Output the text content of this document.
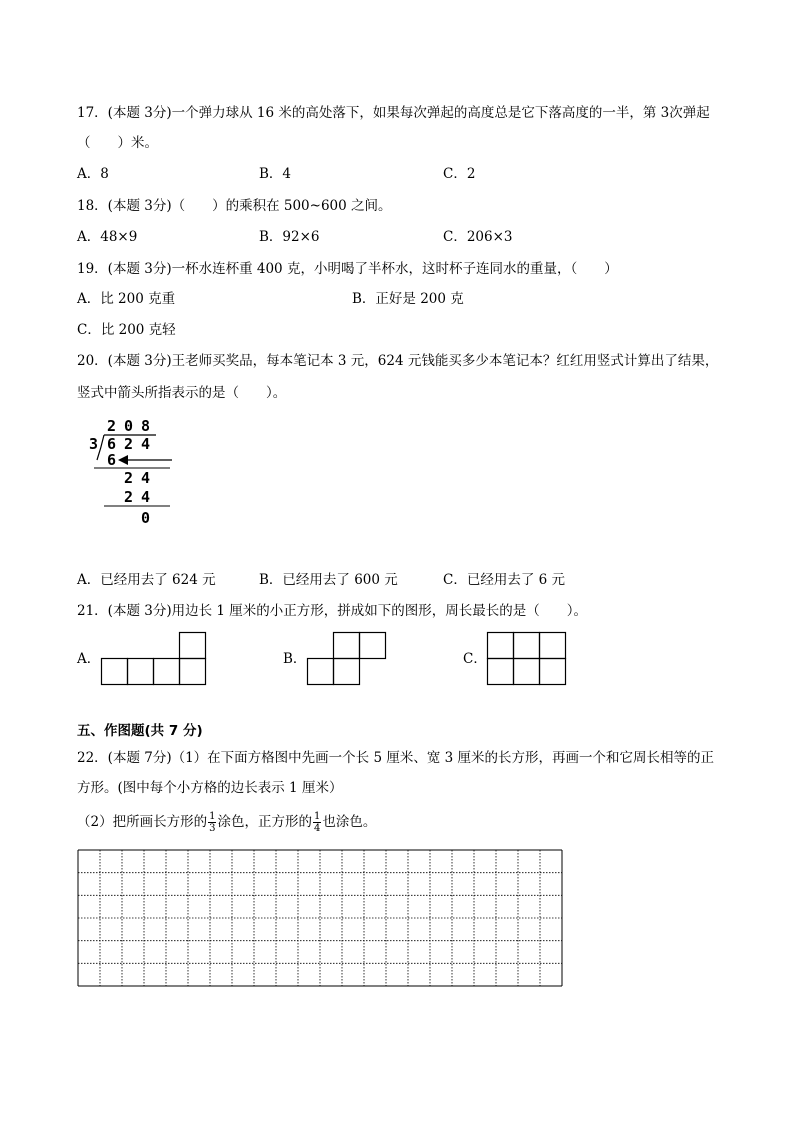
17．(本题 3分)一个弹力球从 16 米的高处落下，如果每次弹起的高度总是它下落高度的一半，第 3次弹起
（　　）米。
A．8	B．4	C．2
18．(本题 3分)（　　）的乘积在 500~600 之间。
A．48×9	B．92×6	C．206×3
19．(本题 3分)一杯水连杯重 400 克，小明喝了半杯水，这时杯子连同水的重量，（　　）
A．比 200 克重	B．正好是 200 克
C．比 200 克轻
20．(本题 3分)王老师买奖品，每本笔记本 3 元，624 元钱能买多少本笔记本？红红用竖式计算出了结果，
竖式中箭头所指表示的是（　　）。
2 0 8
3 6 2 4
6
2 4
2 4
0
A．已经用去了 624 元	B．已经用去了 600 元	C．已经用去了 6 元
21．(本题 3分)用边长 1 厘米的小正方形，拼成如下的图形，周长最长的是（　　）。
A．	B．	C．
五、作图题(共 7 分)
22．(本题 7分)（1）在下面方格图中先画一个长 5 厘米、宽 3 厘米的长方形，再画一个和它周长相等的正
方形。(图中每个小方格的边长表示 1 厘米）
（2）把所画长方形的 $\frac{1}{3}$ 涂色，正方形的 $\frac{1}{4}$ 也涂色。
